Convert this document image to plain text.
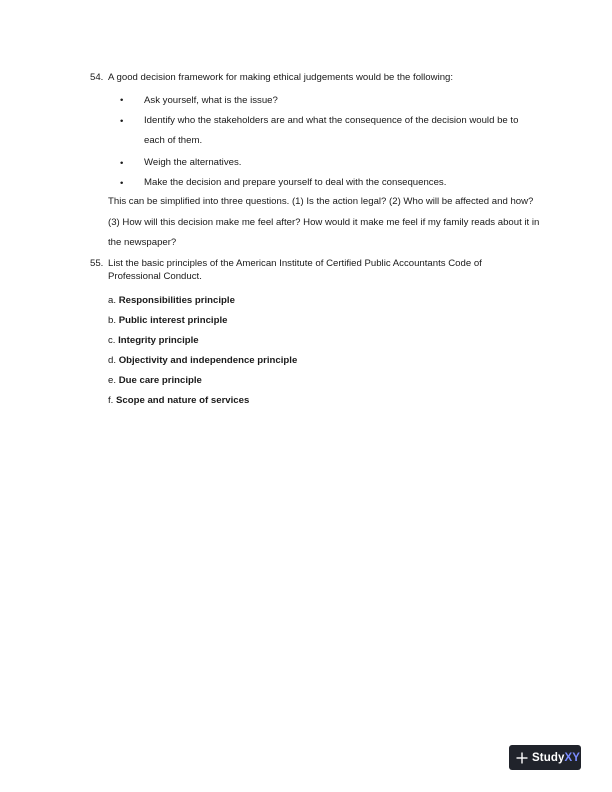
54. A good decision framework for making ethical judgements would be the following:
• Ask yourself, what is the issue?
• Identify who the stakeholders are and what the consequence of the decision would be to each of them.
• Weigh the alternatives.
• Make the decision and prepare yourself to deal with the consequences.
This can be simplified into three questions. (1) Is the action legal? (2) Who will be affected and how? (3) How will this decision make me feel after? How would it make me feel if my family reads about it in the newspaper?
55. List the basic principles of the American Institute of Certified Public Accountants Code of Professional Conduct.
a. Responsibilities principle
b. Public interest principle
c. Integrity principle
d. Objectivity and independence principle
e. Due care principle
f. Scope and nature of services
StudyXY
